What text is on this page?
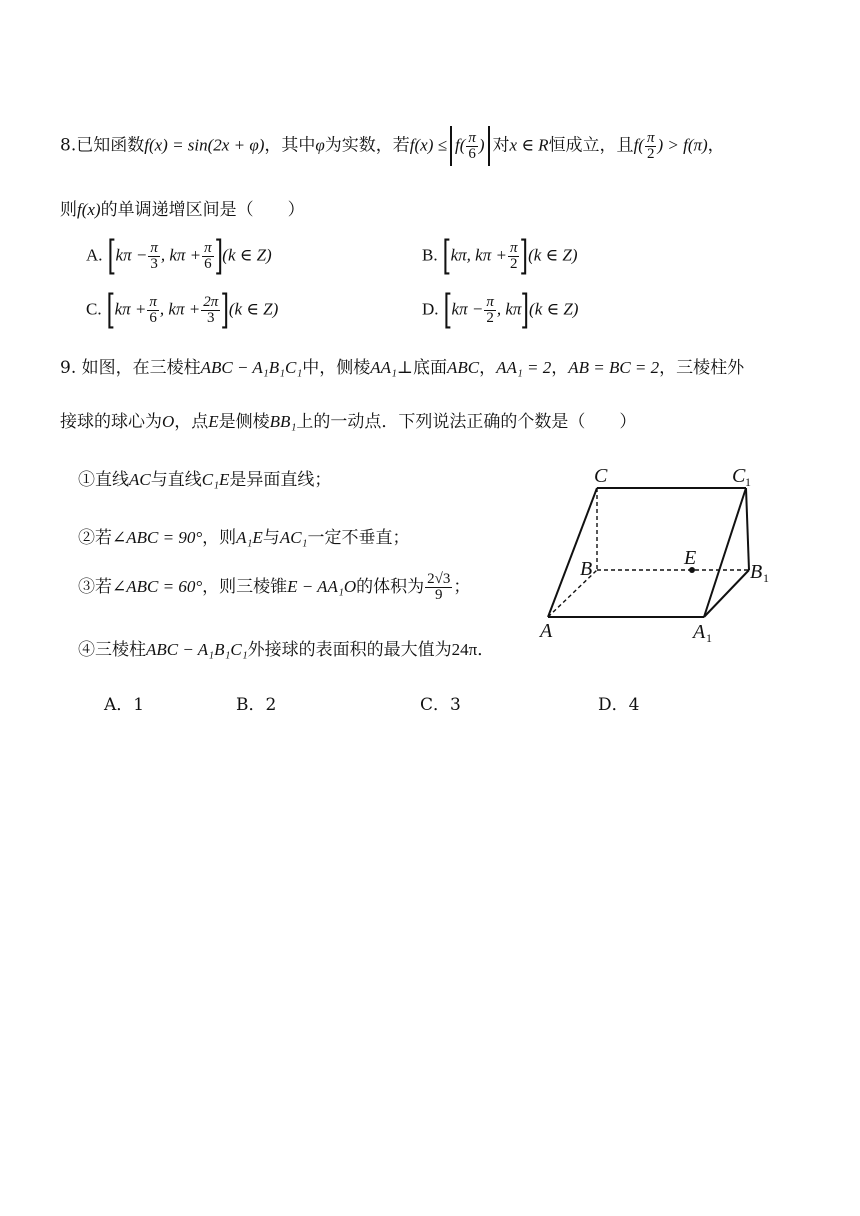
8.已知函数f(x) = sin(2x + φ)，其中φ为实数，若$f(x) \le f( \frac{\pi}{6}$ ) 对x ∈ R恒成立，且$f( \frac{\pi}{2}$ ) > f(π)，
则f(x)的单调递增区间是（　　）
A. [$k\pi - \frac{\pi}{3}$ , $k\pi + \frac{\pi}{6} ](k$ ∈ Z)	B. [kπ, $k\pi + \frac{\pi}{2} ](k$ ∈ Z)
C. [$k\pi + \frac{\pi}{6}$ , $k\pi + \frac{2\pi}{3} ](k$ ∈ Z)	D. [$k\pi - \frac{\pi}{2}$ , kπ](k ∈ Z)
9. 如图，在三棱柱ABC − A₁B₁C₁中，侧棱AA₁⊥底面ABC，AA₁ = 2，AB = BC = 2，三棱柱外
接球的球心为O，点E是侧棱BB₁上的一动点．下列说法正确的个数是（　　）
①直线AC与直线C₁E是异面直线；
②若∠ABC = 90°，则A₁E与AC₁一定不垂直；
③若∠ABC = 60°，则三棱锥E − AA₁O的体积为 $\frac{2√3}{9}$ ；
④三棱柱ABC − A₁B₁C₁外接球的表面积的最大值为24π．
A．1	B．2	C．3	D．4
C	C 1
B	E
B 1
A	A 1
